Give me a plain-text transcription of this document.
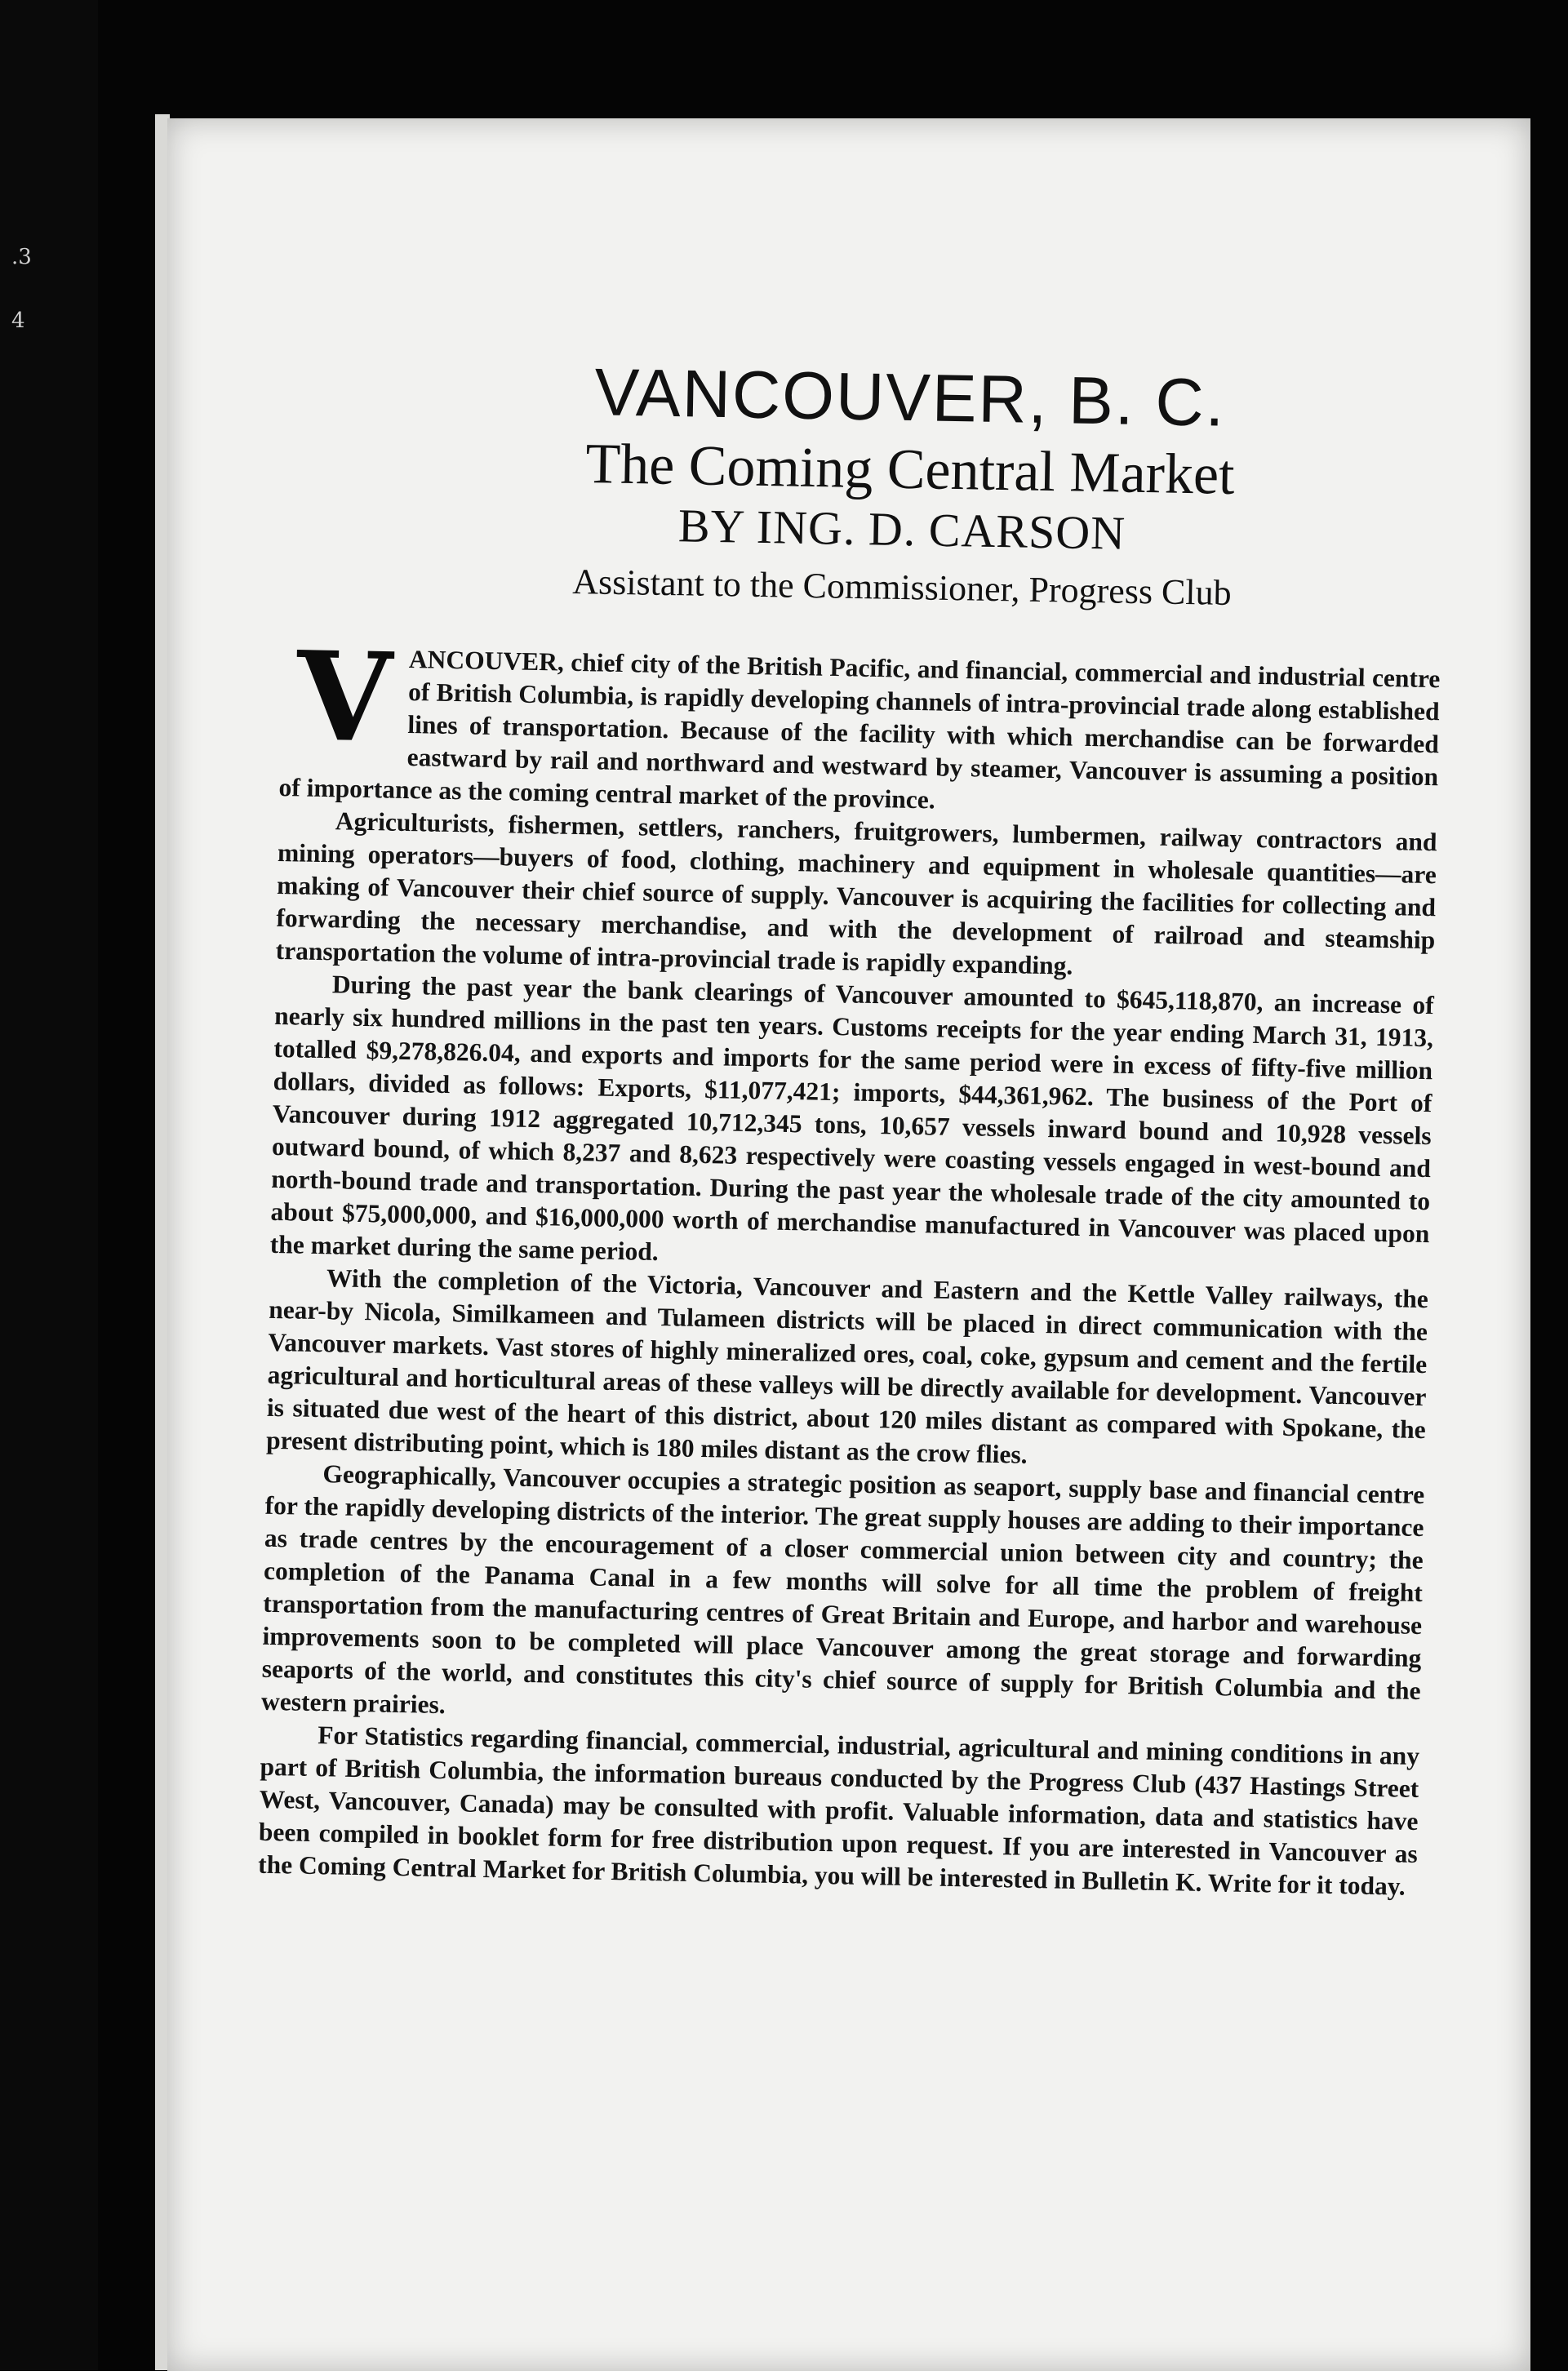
.3
4
VANCOUVER, B. C.
The Coming Central Market
BY ING. D. CARSON
Assistant to the Commissioner, Progress Club

VANCOUVER, chief city of the British Pacific, and financial, commercial and industrial centre of British Columbia, is rapidly developing channels of intra-provincial trade along established lines of transportation. Because of the facility with which merchandise can be forwarded eastward by rail and northward and westward by steamer, Vancouver is assuming a position of importance as the coming central market of the province.

Agriculturists, fishermen, settlers, ranchers, fruitgrowers, lumbermen, railway contractors and mining operators—buyers of food, clothing, machinery and equipment in wholesale quantities—are making of Vancouver their chief source of supply. Vancouver is acquiring the facilities for collecting and forwarding the necessary merchandise, and with the development of railroad and steamship transportation the volume of intra-provincial trade is rapidly expanding.

During the past year the bank clearings of Vancouver amounted to $645,118,870, an increase of nearly six hundred millions in the past ten years. Customs receipts for the year ending March 31, 1913, totalled $9,278,826.04, and exports and imports for the same period were in excess of fifty-five million dollars, divided as follows: Exports, $11,077,421; imports, $44,361,962. The business of the Port of Vancouver during 1912 aggregated 10,712,345 tons, 10,657 vessels inward bound and 10,928 vessels outward bound, of which 8,237 and 8,623 respectively were coasting vessels engaged in west-bound and north-bound trade and transportation. During the past year the wholesale trade of the city amounted to about $75,000,000, and $16,000,000 worth of merchandise manufactured in Vancouver was placed upon the market during the same period.

With the completion of the Victoria, Vancouver and Eastern and the Kettle Valley railways, the near-by Nicola, Similkameen and Tulameen districts will be placed in direct communication with the Vancouver markets. Vast stores of highly mineralized ores, coal, coke, gypsum and cement and the fertile agricultural and horticultural areas of these valleys will be directly available for development. Vancouver is situated due west of the heart of this district, about 120 miles distant as compared with Spokane, the present distributing point, which is 180 miles distant as the crow flies.

Geographically, Vancouver occupies a strategic position as seaport, supply base and financial centre for the rapidly developing districts of the interior. The great supply houses are adding to their importance as trade centres by the encouragement of a closer commercial union between city and country; the completion of the Panama Canal in a few months will solve for all time the problem of freight transportation from the manufacturing centres of Great Britain and Europe, and harbor and warehouse improvements soon to be completed will place Vancouver among the great storage and forwarding seaports of the world, and constitutes this city's chief source of supply for British Columbia and the western prairies.

For Statistics regarding financial, commercial, industrial, agricultural and mining conditions in any part of British Columbia, the information bureaus conducted by the Progress Club (437 Hastings Street West, Vancouver, Canada) may be consulted with profit. Valuable information, data and statistics have been compiled in booklet form for free distribution upon request. If you are interested in Vancouver as the Coming Central Market for British Columbia, you will be interested in Bulletin K. Write for it today.
